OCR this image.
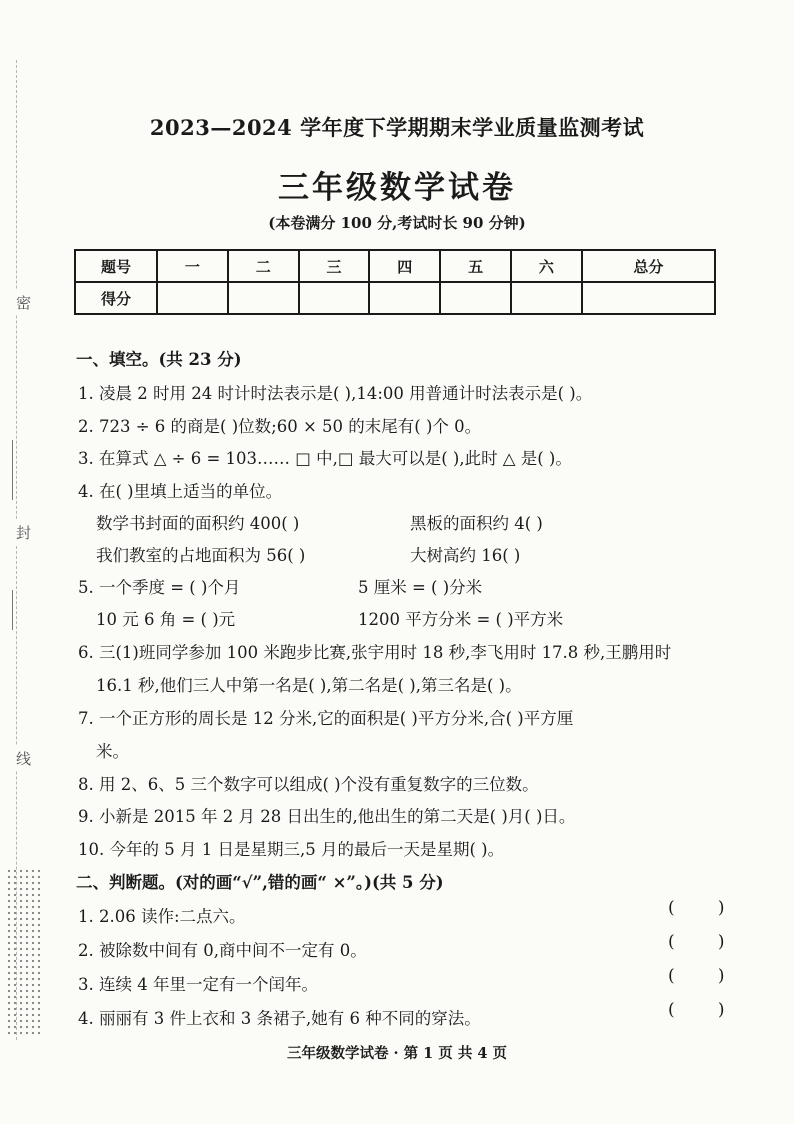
密
封
线
2023—2024 学年度下学期期末学业质量监测考试
三年级数学试卷
(本卷满分 100 分,考试时长 90 分钟)
题号	一	二	三	四	五	六	总分
得分							
一、填空。(共 23 分)
1. 凌晨 2 时用 24 时计时法表示是( ),14:00 用普通计时法表示是( )。
2. 723 ÷ 6 的商是( )位数;60 × 50 的末尾有( )个 0。
3. 在算式 △ ÷ 6 = 103…… □ 中,□ 最大可以是( ),此时 △ 是( )。
4. 在( )里填上适当的单位。
数学书封面的面积约 400( )	黑板的面积约 4( )
我们教室的占地面积为 56( )	大树高约 16( )
5. 一个季度 = ( )个月	5 厘米 = ( )分米
10 元 6 角 = ( )元	1200 平方分米 = ( )平方米
6. 三(1)班同学参加 100 米跑步比赛,张宇用时 18 秒,李飞用时 17.8 秒,王鹏用时
16.1 秒,他们三人中第一名是( ),第二名是( ),第三名是( )。
7. 一个正方形的周长是 12 分米,它的面积是( )平方分米,合( )平方厘
米。
8. 用 2、6、5 三个数字可以组成( )个没有重复数字的三位数。
9. 小新是 2015 年 2 月 28 日出生的,他出生的第二天是( )月( )日。
10. 今年的 5 月 1 日是星期三,5 月的最后一天是星期( )。
二、判断题。(对的画“√”,错的画“ ×”。)(共 5 分)
1. 2.06 读作:二点六。	(        )
2. 被除数中间有 0,商中间不一定有 0。	(        )
3. 连续 4 年里一定有一个闰年。	(        )
4. 丽丽有 3 件上衣和 3 条裙子,她有 6 种不同的穿法。	(        )
三年级数学试卷 · 第 1 页 共 4 页
